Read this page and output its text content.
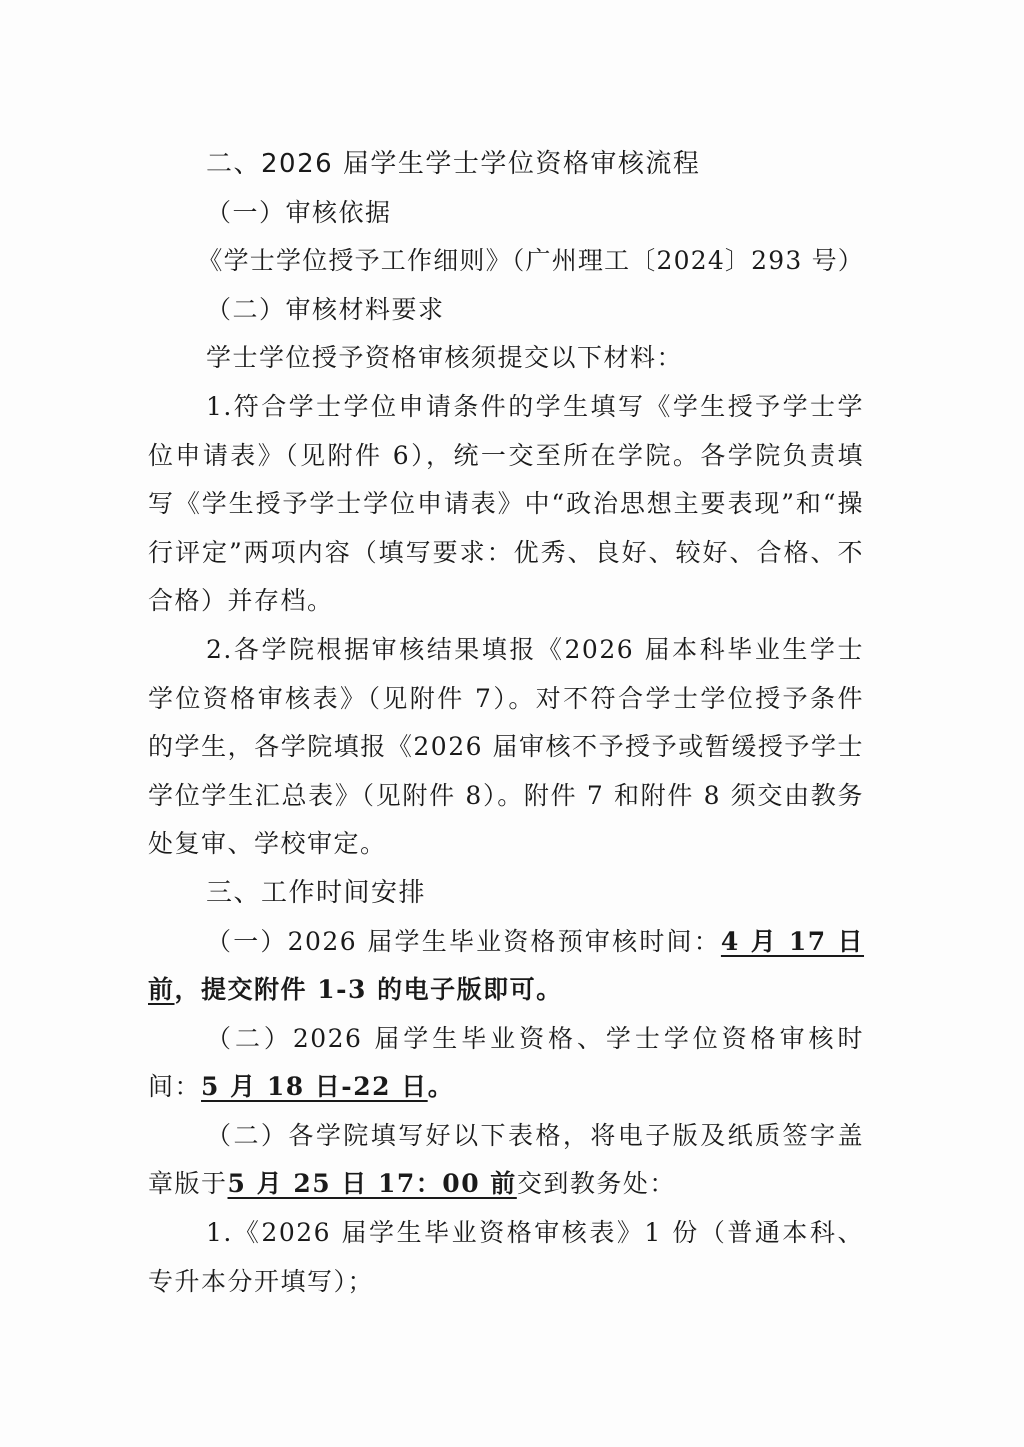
二、2026 届学生学士学位资格审核流程

（一）审核依据

《学士学位授予工作细则》（广州理工〔2024〕293 号）

（二）审核材料要求

学士学位授予资格审核须提交以下材料：

1.符合学士学位申请条件的学生填写《学生授予学士学位申请表》（见附件 6），统一交至所在学院。各学院负责填写《学生授予学士学位申请表》中“政治思想主要表现”和“操行评定”两项内容（填写要求：优秀、良好、较好、合格、不合格）并存档。

2.各学院根据审核结果填报《2026 届本科毕业生学士学位资格审核表》（见附件 7）。对不符合学士学位授予条件的学生，各学院填报《2026 届审核不予授予或暂缓授予学士学位学生汇总表》（见附件 8）。附件 7 和附件 8 须交由教务处复审、学校审定。

三、工作时间安排

（一）2026 届学生毕业资格预审核时间：4 月 17 日前，提交附件 1-3 的电子版即可。

（二）2026 届学生毕业资格、学士学位资格审核时间：5 月 18 日-22 日。

（二）各学院填写好以下表格，将电子版及纸质签字盖章版于5 月 25 日 17：00 前交到教务处：

1.《2026 届学生毕业资格审核表》1 份（普通本科、专升本分开填写）；
